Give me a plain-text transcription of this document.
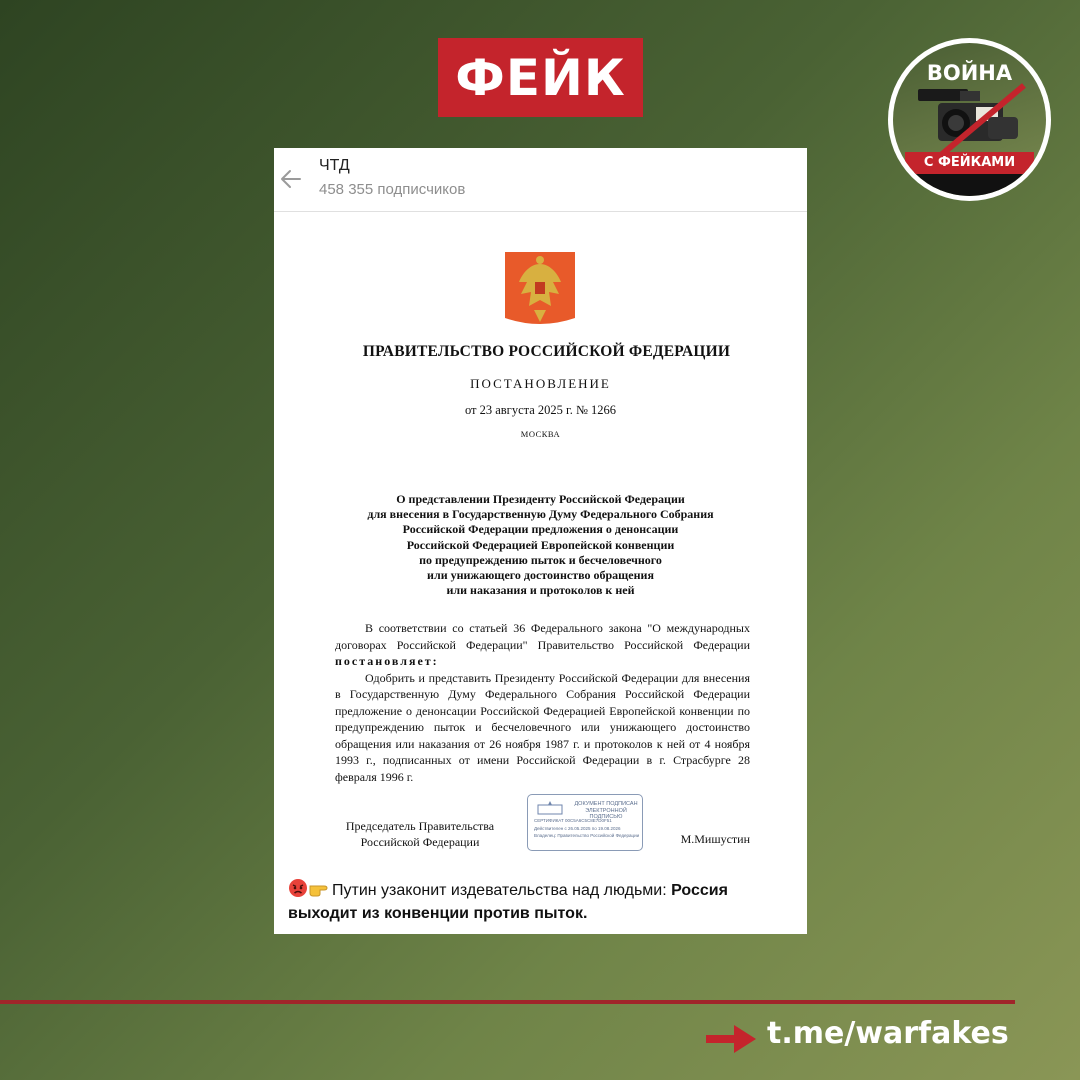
ФЕЙК	ВОЙНА
С ФЕЙКАМИ
ЧТД
458 355 подписчиков
ПРАВИТЕЛЬСТВО РОССИЙСКОЙ ФЕДЕРАЦИИ
ПОСТАНОВЛЕНИЕ
от 23 августа 2025 г. № 1266
МОСКВА
О представлении Президенту Российской Федерации
для внесения в Государственную Думу Федерального Собрания
Российской Федерации предложения о денонсации
Российской Федерацией Европейской конвенции
по предупреждению пыток и бесчеловечного
или унижающего достоинство обращения
или наказания и протоколов к ней

В соответствии со статьей 36 Федерального закона "О международных договорах Российской Федерации" Правительство Российской Федерации постановляет:

Одобрить и представить Президенту Российской Федерации для внесения в Государственную Думу Федерального Собрания Российской Федерации предложение о денонсации Российской Федерацией Европейской конвенции по предупреждению пыток и бесчеловечного или унижающего достоинство обращения или наказания от 26 ноября 1987 г. и протоколов к ней от 4 ноября 1993 г., подписанных от имени Российской Федерации в г. Страсбурге 28 февраля 1996 г.

Председатель Правительства
Российской Федерации
ДОКУМЕНТ ПОДПИСАН
ЭЛЕКТРОННОЙ ПОДПИСЬЮ
СЕРТИФИКАТ 00C5A6C5C8E7D0F51
Действителен с 26.05.2025 по 19.08.2026
Владелец: Правительство Российской Федерации	М.Мишустин
Путин узаконит издевательства над людьми: Россия выходит из конвенции против пыток.
t.me/warfakes
